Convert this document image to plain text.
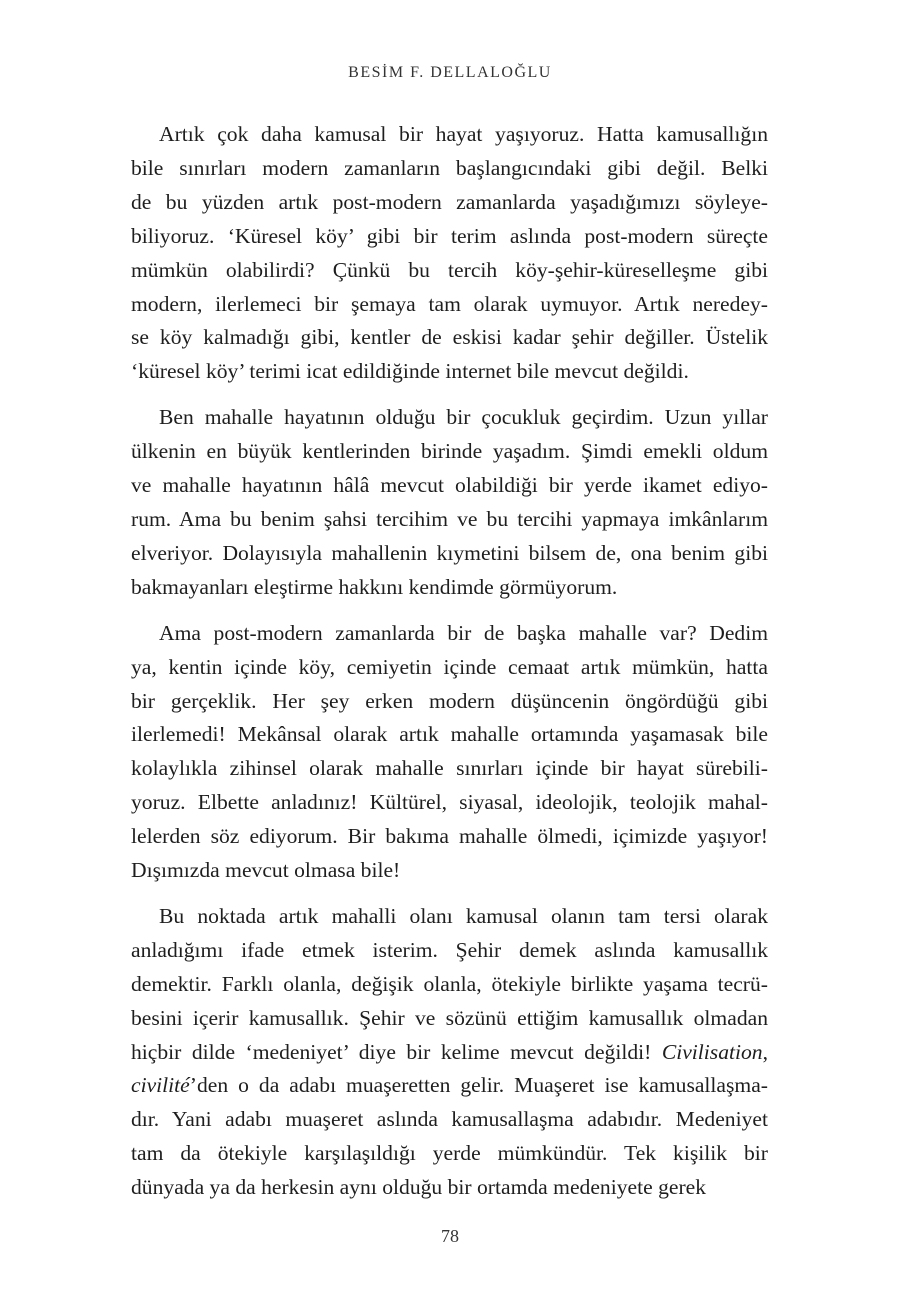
BESİM F. DELLALOĞLU
Artık çok daha kamusal bir hayat yaşıyoruz. Hatta kamusallığın
bile sınırları modern zamanların başlangıcındaki gibi değil. Belki
de bu yüzden artık post-modern zamanlarda yaşadığımızı söyleye-
biliyoruz. ‘Küresel köy’ gibi bir terim aslında post-modern süreçte
mümkün olabilirdi? Çünkü bu tercih köy-şehir-küreselleşme gibi
modern, ilerlemeci bir şemaya tam olarak uymuyor. Artık neredey-
se köy kalmadığı gibi, kentler de eskisi kadar şehir değiller. Üstelik
‘küresel köy’ terimi icat edildiğinde internet bile mevcut değildi.
Ben mahalle hayatının olduğu bir çocukluk geçirdim. Uzun yıllar
ülkenin en büyük kentlerinden birinde yaşadım. Şimdi emekli oldum
ve mahalle hayatının hâlâ mevcut olabildiği bir yerde ikamet ediyo-
rum. Ama bu benim şahsi tercihim ve bu tercihi yapmaya imkânlarım
elveriyor. Dolayısıyla mahallenin kıymetini bilsem de, ona benim gibi
bakmayanları eleştirme hakkını kendimde görmüyorum.
Ama post-modern zamanlarda bir de başka mahalle var? Dedim
ya, kentin içinde köy, cemiyetin içinde cemaat artık mümkün, hatta
bir gerçeklik. Her şey erken modern düşüncenin öngördüğü gibi
ilerlemedi! Mekânsal olarak artık mahalle ortamında yaşamasak bile
kolaylıkla zihinsel olarak mahalle sınırları içinde bir hayat sürebili-
yoruz. Elbette anladınız! Kültürel, siyasal, ideolojik, teolojik mahal-
lelerden söz ediyorum. Bir bakıma mahalle ölmedi, içimizde yaşıyor!
Dışımızda mevcut olmasa bile!
Bu noktada artık mahalli olanı kamusal olanın tam tersi olarak
anladığımı ifade etmek isterim. Şehir demek aslında kamusallık
demektir. Farklı olanla, değişik olanla, ötekiyle birlikte yaşama tecrü-
besini içerir kamusallık. Şehir ve sözünü ettiğim kamusallık olmadan
hiçbir dilde ‘medeniyet’ diye bir kelime mevcut değildi! Civilisation,
civilité’den o da adabı muaşeretten gelir. Muaşeret ise kamusallaşma-
dır. Yani adabı muaşeret aslında kamusallaşma adabıdır. Medeniyet
tam da ötekiyle karşılaşıldığı yerde mümkündür. Tek kişilik bir
dünyada ya da herkesin aynı olduğu bir ortamda medeniyete gerek
78
